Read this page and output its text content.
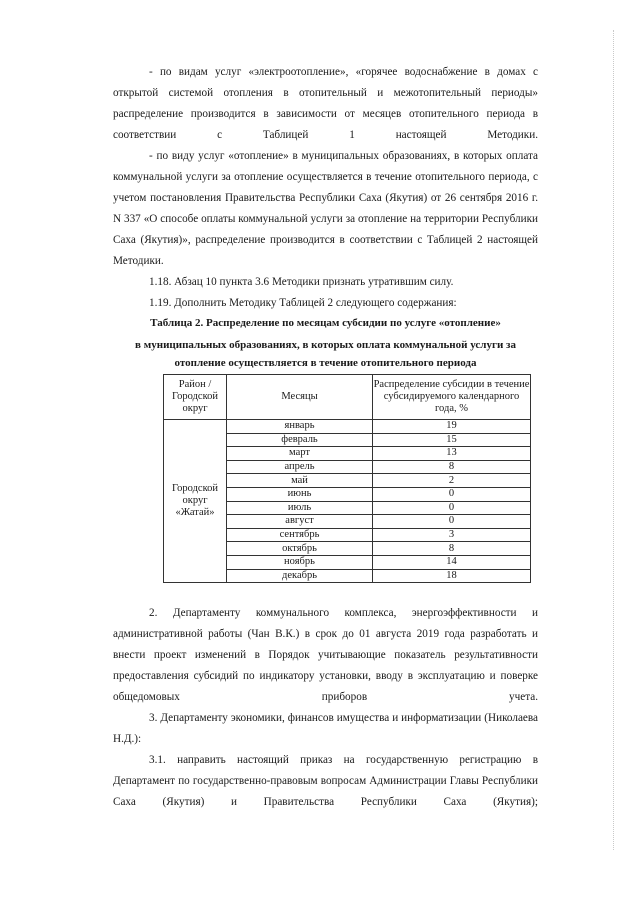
- по видам услуг «электроотопление», «горячее водоснабжение в домах с открытой системой отопления в отопительный и межотопительный периоды» распределение производится в зависимости от месяцев отопительного периода в соответствии с Таблицей 1 настоящей Методики.
- по виду услуг «отопление» в муниципальных образованиях, в которых оплата коммунальной услуги за отопление осуществляется в течение отопительного периода, с учетом постановления Правительства Республики Саха (Якутия) от 26 сентября 2016 г. N 337 «О способе оплаты коммунальной услуги за отопление на территории Республики Саха (Якутия)», распределение производится в соответствии с Таблицей 2 настоящей Методики.
1.18. Абзац 10 пункта 3.6 Методики признать утратившим силу.
1.19. Дополнить Методику Таблицей 2 следующего содержания:
Таблица 2. Распределение по месяцам субсидии по услуге «отопление»
в муниципальных образованиях, в которых оплата коммунальной услуги за
отопление осуществляется в течение отопительного периода
Район / Городской округ	Месяцы	Распределение субсидии в течение субсидируемого календарного года, %
Городской округ «Жатай»	январь	19
	февраль	15
	март	13
	апрель	8
	май	2
	июнь	0
	июль	0
	август	0
	сентябрь	3
	октябрь	8
	ноябрь	14
	декабрь	18
2. Департаменту коммунального комплекса, энергоэффективности и административной работы (Чан В.К.) в срок до 01 августа 2019 года разработать и внести проект изменений в Порядок учитывающие показатель результативности предоставления субсидий по индикатору установки, вводу в эксплуатацию и поверке общедомовых приборов учета.
3. Департаменту экономики, финансов имущества и информатизации (Николаева Н.Д.):
3.1. направить настоящий приказ на государственную регистрацию в Департамент по государственно-правовым вопросам Администрации Главы Республики Саха (Якутия) и Правительства Республики Саха (Якутия);
